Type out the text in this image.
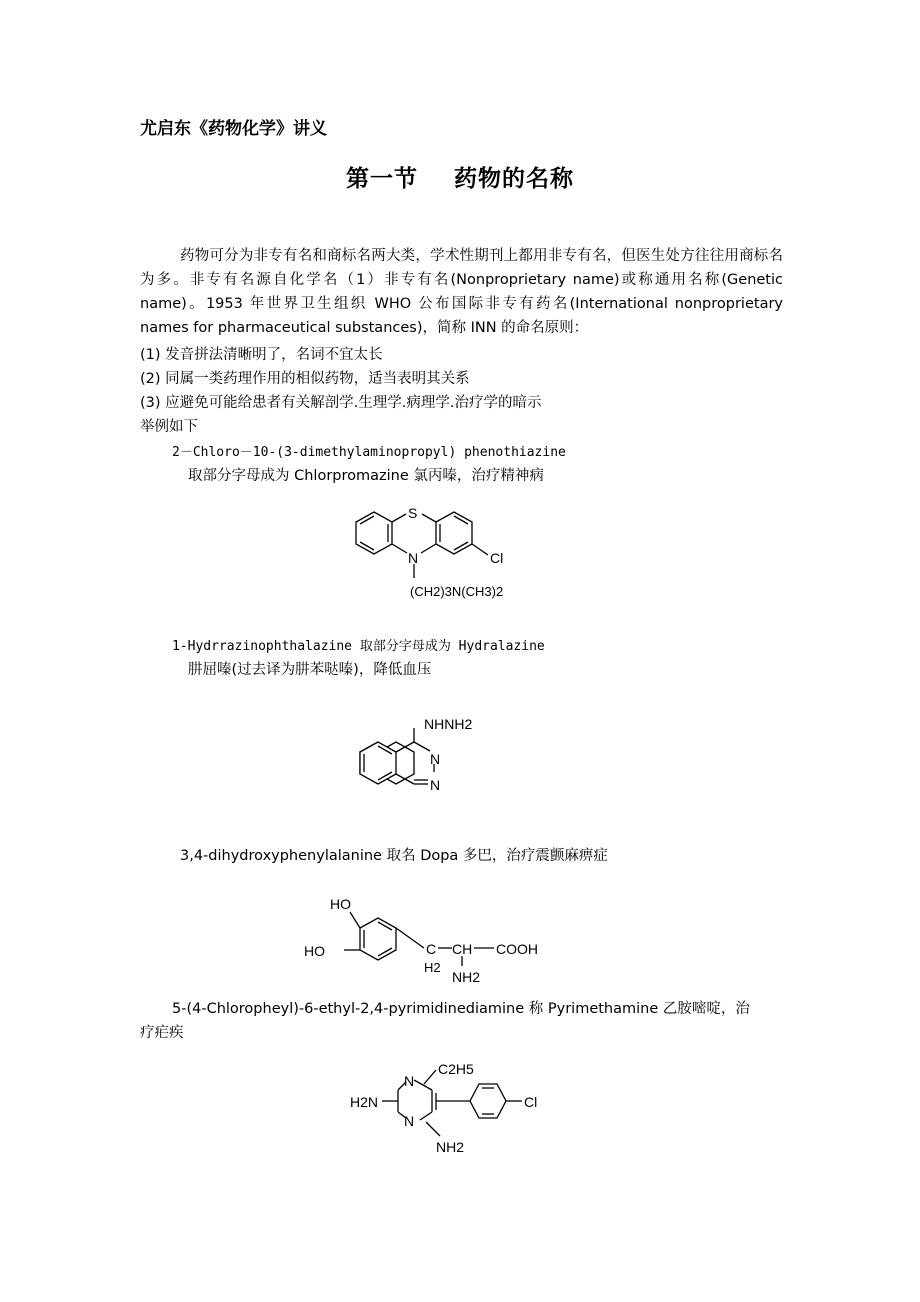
尤启东《药物化学》讲义
第一节 药物的名称
药物可分为非专有名和商标名两大类，学术性期刊上都用非专有名，但医生处方往往用商标名为多。非专有名源自化学名（1）非专有名(Nonproprietary name)或称通用名称(Genetic name)。1953 年世界卫生组织 WHO 公布国际非专有药名(International nonproprietary names for pharmaceutical substances)，简称 INN 的命名原则：
(1) 发音拼法清晰明了，名词不宜太长
(2) 同属一类药理作用的相似药物，适当表明其关系
(3) 应避免可能给患者有关解剖学.生理学.病理学.治疗学的暗示
举例如下
2－Chloro－10-(3-dimethylaminopropyl) phenothiazine
取部分字母成为 Chlorpromazine 氯丙嗪，治疗精神病
S
N	Cl
(CH2)3N(CH3)2
1-Hydrrazinophthalazine 取部分字母成为 Hydralazine
肼屈嗪(过去译为肼苯哒嗪)，降低血压
NHNH2
N
N
3,4-dihydroxyphenylalanine 取名 Dopa 多巴，治疗震颤麻痹症
HO
HO	C
H2
CH COOH
NH2
5-(4-Chloropheyl)-6-ethyl-2,4-pyrimidinediamine 称 Pyrimethamine 乙胺嘧啶，治
疗疟疾
C2H5
N
N
H2N
NH2
Cl
